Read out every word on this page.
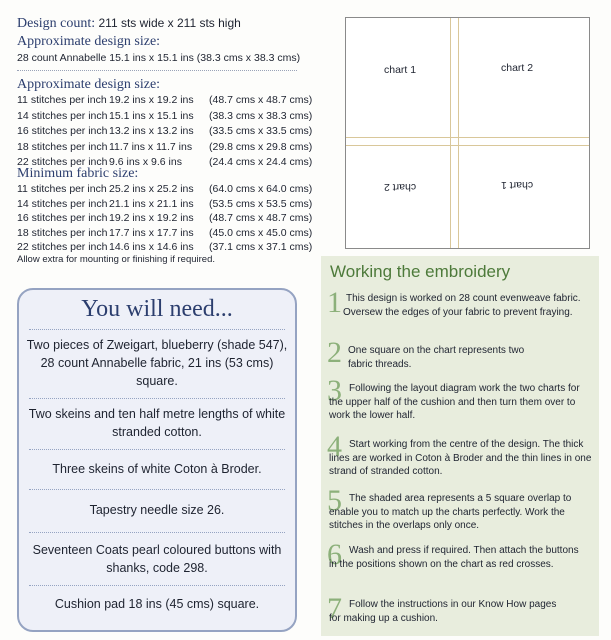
Design count: 211 sts wide x 211 sts high
Approximate design size:
28 count Annabelle 15.1 ins x 15.1 ins (38.3 cms x 38.3 cms)
Approximate design size:
11 stitches per inch 19.2 ins x 19.2 ins (48.7 cms x 48.7 cms)
14 stitches per inch 15.1 ins x 15.1 ins (38.3 cms x 38.3 cms)
16 stitches per inch 13.2 ins x 13.2 ins (33.5 cms x 33.5 cms)
18 stitches per inch 11.7 ins x 11.7 ins (29.8 cms x 29.8 cms)
22 stitches per inch 9.6 ins x 9.6 ins	(24.4 cms x 24.4 cms)
Minimum fabric size:
11 stitches per inch 25.2 ins x 25.2 ins (64.0 cms x 64.0 cms)
14 stitches per inch 21.1 ins x 21.1 ins (53.5 cms x 53.5 cms)
16 stitches per inch 19.2 ins x 19.2 ins (48.7 cms x 48.7 cms)
18 stitches per inch 17.7 ins x 17.7 ins (45.0 cms x 45.0 cms)
22 stitches per inch 14.6 ins x 14.6 ins (37.1 cms x 37.1 cms)
Allow extra for mounting or finishing if required.
chart 1	chart 2
chart 2	chart 1
You will need...
Two pieces of Zweigart, blueberry (shade 547), 28 count Annabelle fabric, 21 ins (53 cms) square.
Two skeins and ten half metre lengths of white stranded cotton.
Three skeins of white Coton à Broder.
Tapestry needle size 26.
Seventeen Coats pearl coloured buttons with shanks, code 298.
Cushion pad 18 ins (45 cms) square.
Working the embroidery
1 This design is worked on 28 count evenweave fabric. Oversew the edges of your fabric to prevent fraying.
2 One square on the chart represents two fabric threads.
3 Following the layout diagram work the two charts for the upper half of the cushion and then turn them over to work the lower half.
4 Start working from the centre of the design. The thick lines are worked in Coton à Broder and the thin lines in one strand of stranded cotton.
5 The shaded area represents a 5 square overlap to enable you to match up the charts perfectly. Work the stitches in the overlaps only once.
6 Wash and press if required. Then attach the buttons in the positions shown on the chart as red crosses.
7 Follow the instructions in our Know How pages for making up a cushion.
